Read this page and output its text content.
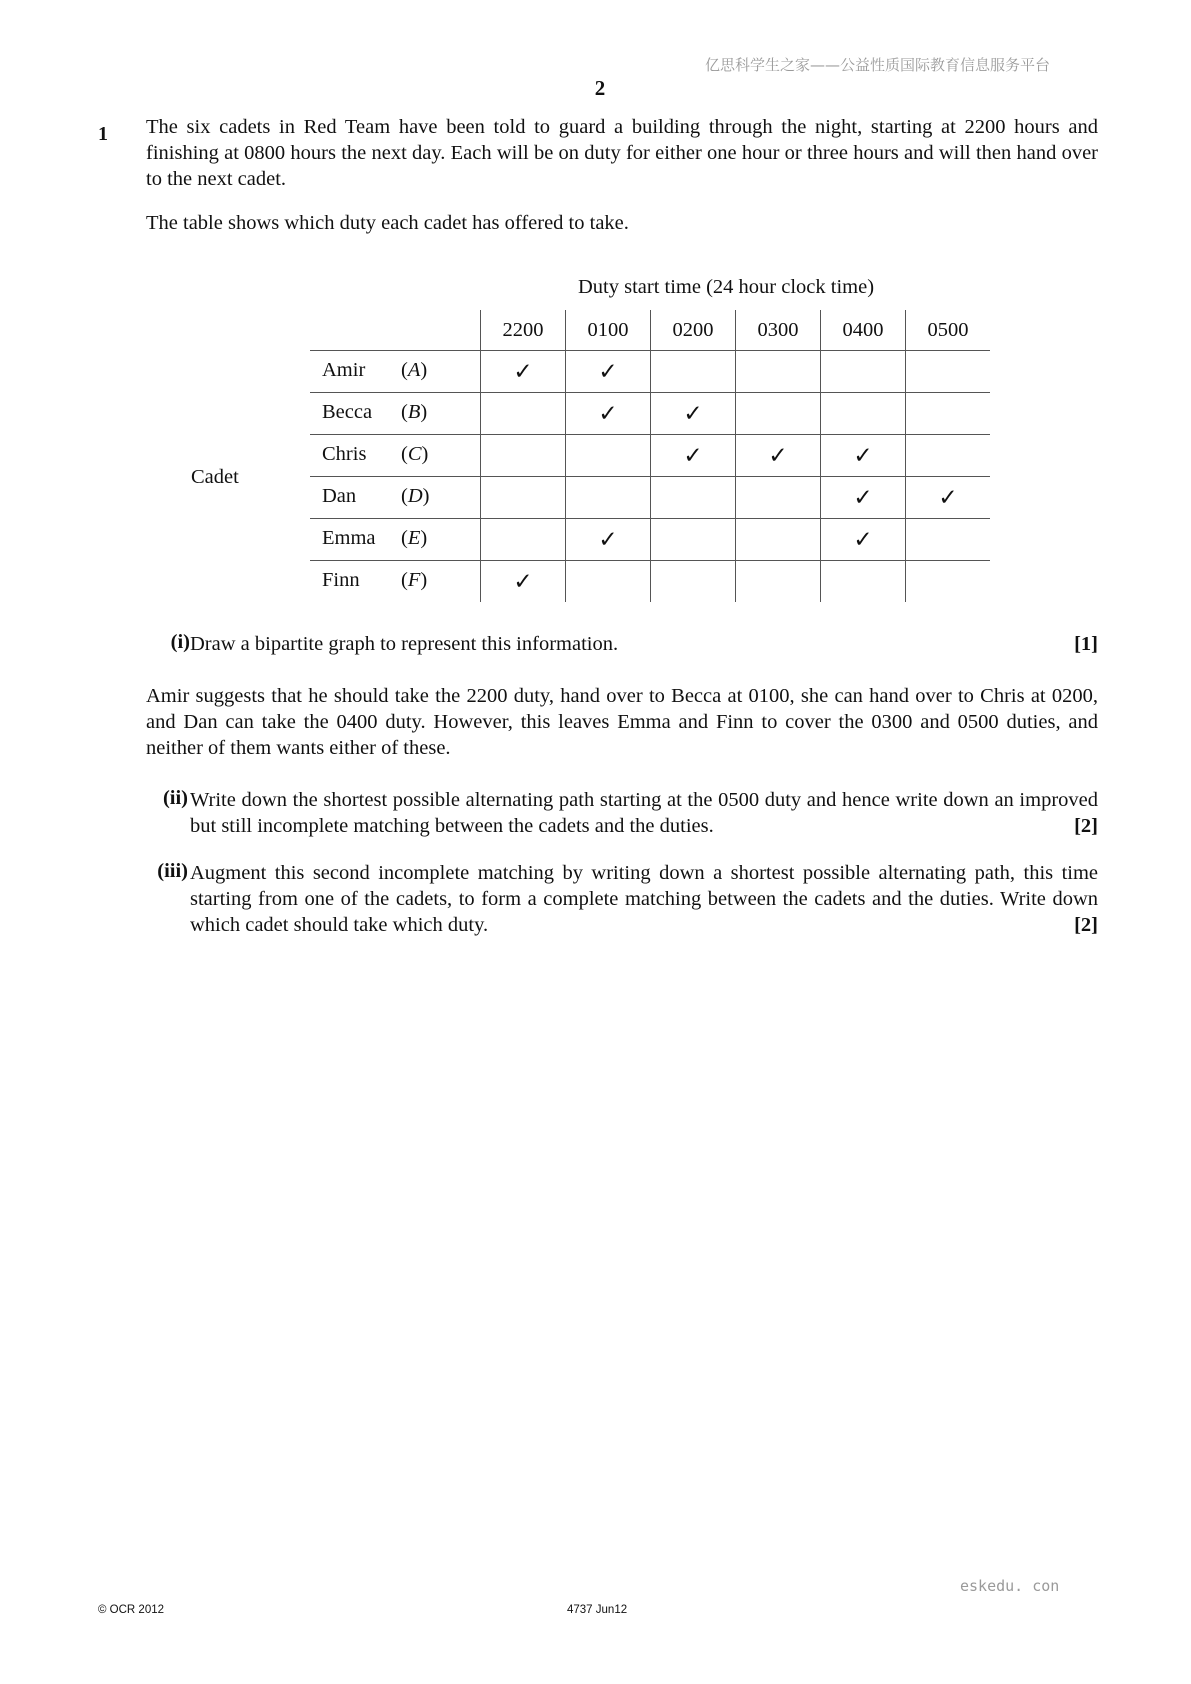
亿思科学生之家——公益性质国际教育信息服务平台
2
1 The six cadets in Red Team have been told to guard a building through the night, starting at 2200 hours and finishing at 0800 hours the next day. Each will be on duty for either one hour or three hours and will then hand over to the next cadet.

The table shows which duty each cadet has offered to take.

Duty start time (24 hour clock time)
Cadet
	2200	0100	0200	0300	0400	0500

Amir (A)	✓	✓				

Becca (B)		✓	✓			

Chris (C)			✓	✓	✓	

Dan (D)					✓	✓

Emma (E)		✓			✓	

Finn (F)	✓					
(i)	[1]
Draw a bipartite graph to represent this information.

Amir suggests that he should take the 2200 duty, hand over to Becca at 0100, she can hand over to Chris at 0200, and Dan can take the 0400 duty. However, this leaves Emma and Finn to cover the 0300 and 0500 duties, and neither of them wants either of these.

(ii) Write down the shortest possible alternating path starting at the 0500 duty and hence write down an improved but still incomplete matching between the cadets and the duties.	[2]

(iii) Augment this second incomplete matching by writing down a shortest possible alternating path, this time starting from one of the cadets, to form a complete matching between the cadets and the duties. Write down which cadet should take which duty.	[2]

eskedu. con
© OCR 2012	4737 Jun12
